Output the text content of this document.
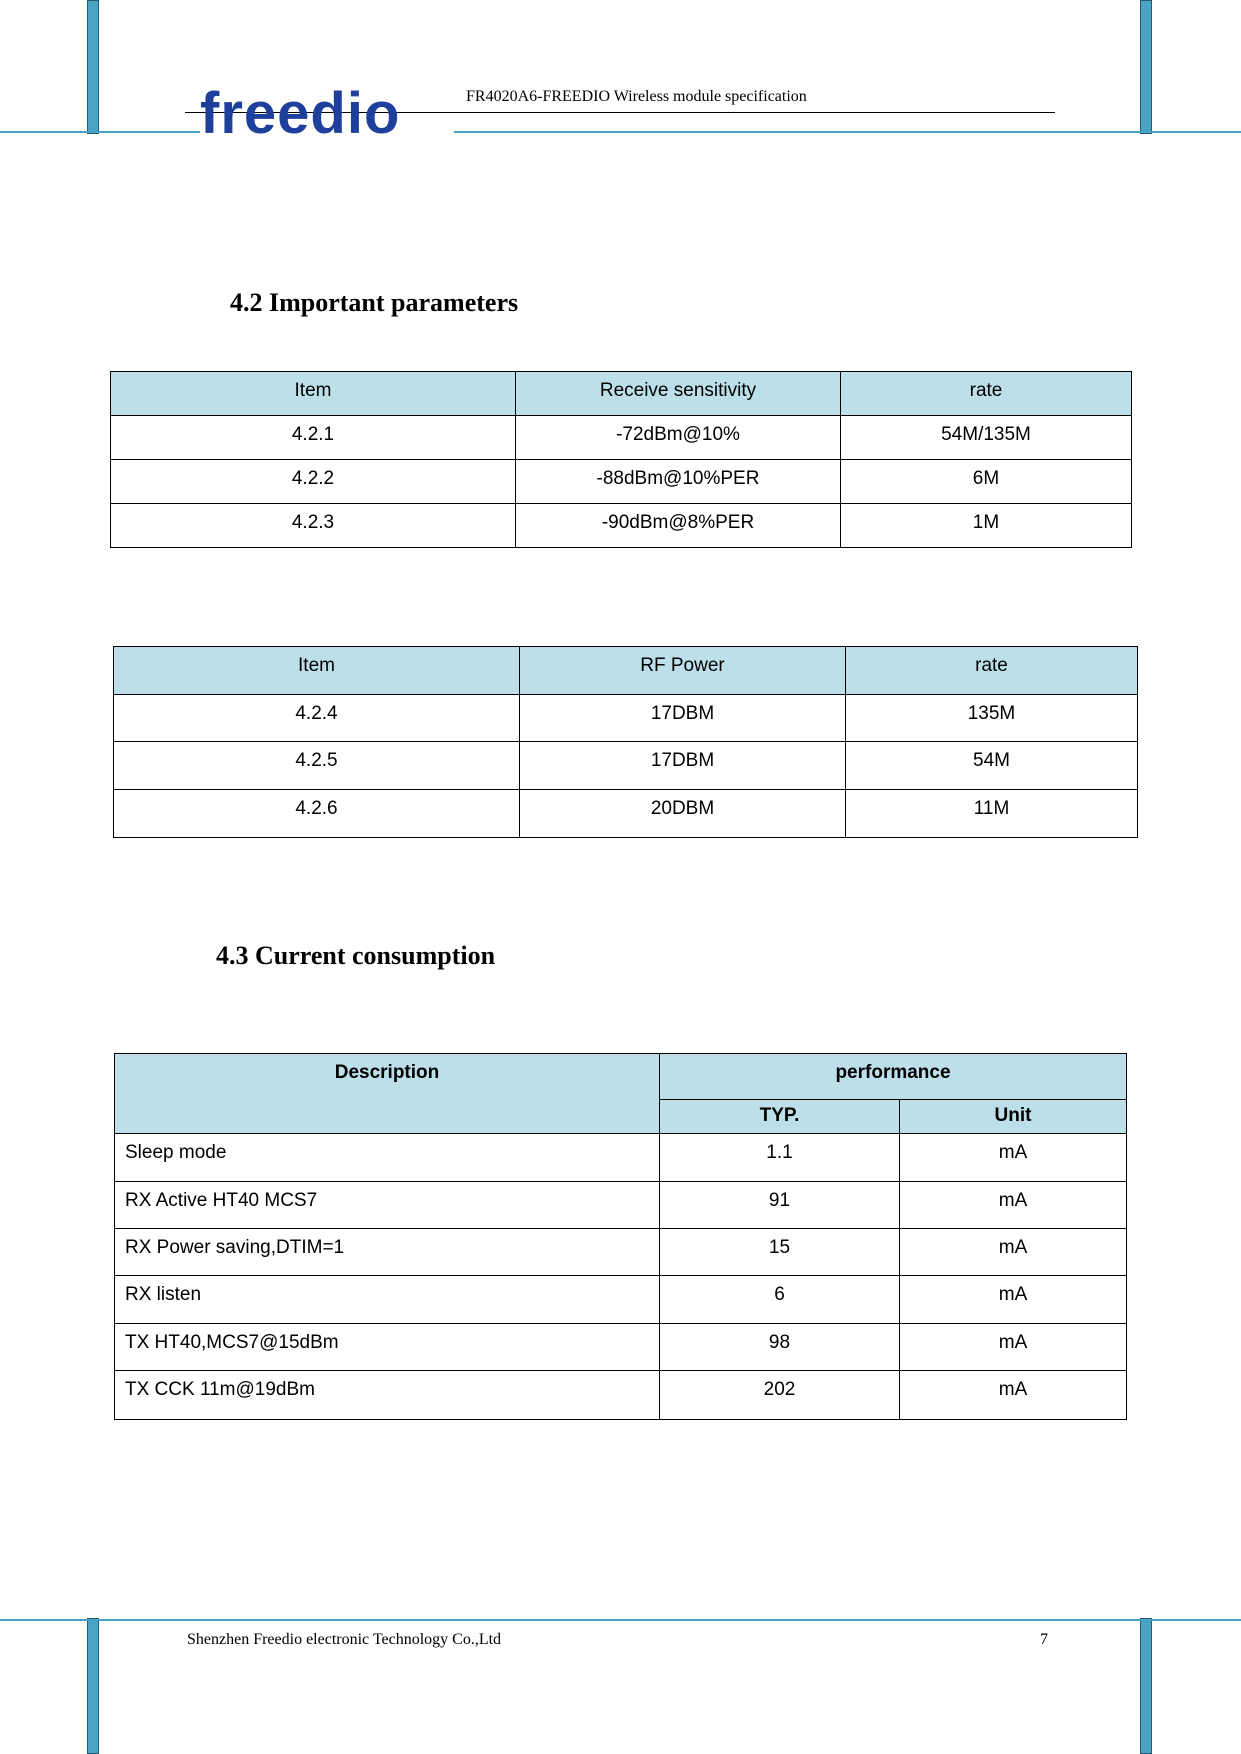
freedio	FR4020A6-FREEDIO Wireless module specification
4.2 Important parameters
Item	Receive sensitivity	rate

4.2.1	-72dBm@10%	54M/135M

4.2.2	-88dBm@10%PER	6M

4.2.3	-90dBm@8%PER	1M
Item	RF Power	rate

4.2.4	17DBM	135M

4.2.5	17DBM	54M

4.2.6	20DBM	11M
4.3 Current consumption
Description	performance	

	TYP.	Unit

Sleep mode	1.1	mA

RX Active HT40 MCS7	91	mA

RX Power saving,DTIM=1	15	mA

RX listen	6	mA

TX HT40,MCS7@15dBm	98	mA

TX CCK 11m@19dBm	202	mA
Shenzhen Freedio electronic Technology Co.,Ltd	7
